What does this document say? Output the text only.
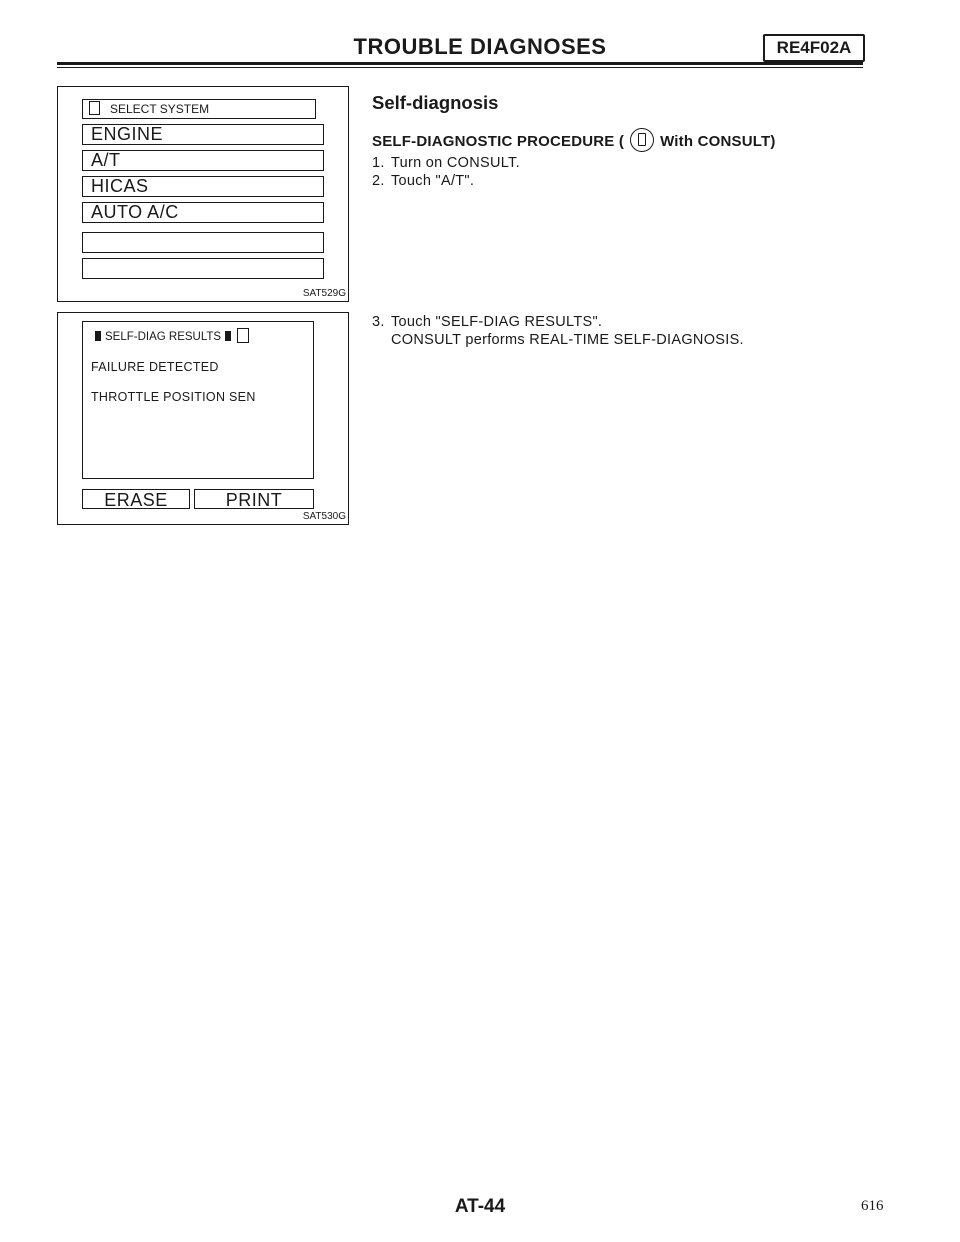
TROUBLE DIAGNOSES	RE4F02A
SELECT SYSTEM
ENGINE
A/T
HICAS
AUTO A/C
SAT529G
SELF-DIAG RESULTS
FAILURE DETECTED
THROTTLE POSITION SEN
ERASE	PRINT
SAT530G
Self-diagnosis
SELF-DIAGNOSTIC PROCEDURE ( With CONSULT)
1. Turn on CONSULT.
2. Touch "A/T".
3. Touch "SELF-DIAG RESULTS".
CONSULT performs REAL-TIME SELF-DIAGNOSIS.
AT-44	616
